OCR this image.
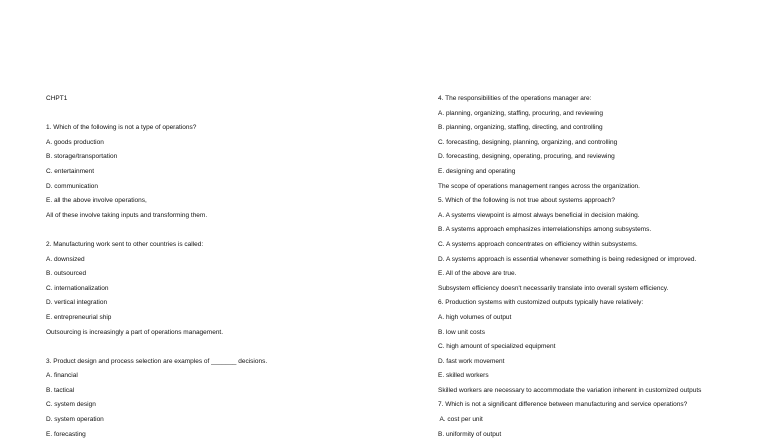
CHPT1
1. Which of the following is not a type of operations?
A. goods production
B. storage/transportation
C. entertainment
D. communication
E. all the above involve operations,
All of these involve taking inputs and transforming them.
2. Manufacturing work sent to other countries is called:
A. downsized
B. outsourced
C. internationalization
D. vertical integration
E. entrepreneurial ship
Outsourcing is increasingly a part of operations management.
3. Product design and process selection are examples of _______ decisions.
A. financial
B. tactical
C. system design
D. system operation
E. forecasting
4. The responsibilities of the operations manager are:
A. planning, organizing, staffing, procuring, and reviewing
B. planning, organizing, staffing, directing, and controlling
C. forecasting, designing, planning, organizing, and controlling
D. forecasting, designing, operating, procuring, and reviewing
E. designing and operating
The scope of operations management ranges across the organization.
5. Which of the following is not true about systems approach?
A. A systems viewpoint is almost always beneficial in decision making.
B. A systems approach emphasizes interrelationships among subsystems.
C. A systems approach concentrates on efficiency within subsystems.
D. A systems approach is essential whenever something is being redesigned or improved.
E. All of the above are true.
Subsystem efficiency doesn't necessarily translate into overall system efficiency.
6. Production systems with customized outputs typically have relatively:
A. high volumes of output
B. low unit costs
C. high amount of specialized equipment
D. fast work movement
E. skilled workers
Skilled workers are necessary to accommodate the variation inherent in customized outputs
7. Which is not a significant difference between manufacturing and service operations?
A. cost per unit
B. uniformity of output
